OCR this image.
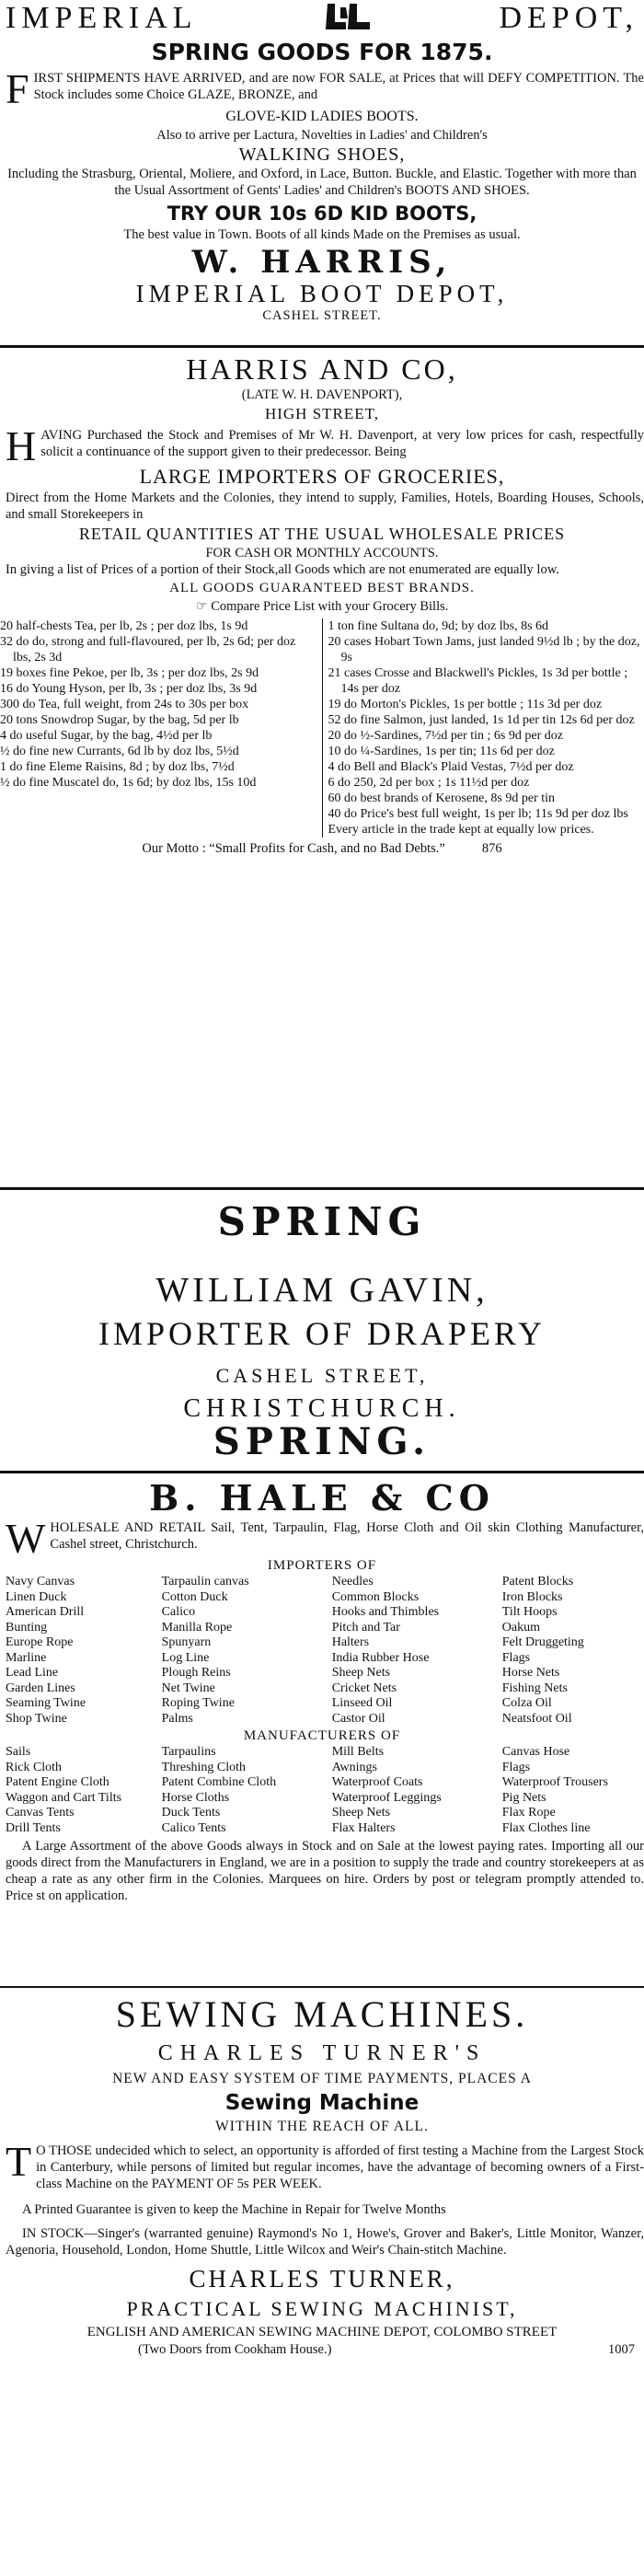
IMPERIAL	DEPOT,
SPRING GOODS FOR 1875.
F IRST SHIPMENTS HAVE ARRIVED, and are now FOR SALE, at Prices that will DEFY COMPETITION. The Stock includes some Choice GLAZE, BRONZE, and
GLOVE-KID LADIES BOOTS.
Also to arrive per Lactura, Novelties in Ladies' and Children's
WALKING SHOES,
Including the Strasburg, Oriental, Moliere, and Oxford, in Lace, Button. Buckle, and Elastic. Together with more than the Usual Assortment of Gents' Ladies' and Children's BOOTS AND SHOES.
TRY OUR 10s 6D KID BOOTS,
The best value in Town. Boots of all kinds Made on the Premises as usual.
W. HARRIS,
IMPERIAL BOOT DEPOT,
CASHEL STREET.
HARRIS AND CO,
(LATE W. H. DAVENPORT),
HIGH STREET,
H AVING Purchased the Stock and Premises of Mr W. H. Davenport, at very low prices for cash, respectfully solicit a continuance of the support given to their predecessor. Being
LARGE IMPORTERS OF GROCERIES,
Direct from the Home Markets and the Colonies, they intend to supply, Families, Hotels, Boarding Houses, Schools, and small Storekeepers in
RETAIL QUANTITIES AT THE USUAL WHOLESALE PRICES
FOR CASH OR MONTHLY ACCOUNTS.
In giving a list of Prices of a portion of their Stock,all Goods which are not enumerated are equally low.
ALL GOODS GUARANTEED BEST BRANDS.
☞ Compare Price List with your Grocery Bills.
20 half-chests Tea, per lb, 2s ; per doz lbs, 1s 9d
32 do do, strong and full-flavoured, per lb, 2s 6d; per doz lbs, 2s 3d
19 boxes fine Pekoe, per lb, 3s ; per doz lbs, 2s 9d
16 do Young Hyson, per lb, 3s ; per doz lbs, 3s 9d
300 do Tea, full weight, from 24s to 30s per box
20 tons Snowdrop Sugar, by the bag, 5d per lb
4 do useful Sugar, by the bag, 4½d per lb
½ do fine new Currants, 6d lb by doz lbs, 5½d
1 do fine Eleme Raisins, 8d ; by doz lbs, 7½d
½ do fine Muscatel do, 1s 6d; by doz lbs, 15s 10d
1 ton fine Sultana do, 9d; by doz lbs, 8s 6d
20 cases Hobart Town Jams, just landed 9½d lb ; by the doz, 9s
21 cases Crosse and Blackwell's Pickles, 1s 3d per bottle ; 14s per doz
19 do Morton's Pickles, 1s per bottle ; 11s 3d per doz
52 do fine Salmon, just landed, 1s 1d per tin 12s 6d per doz
20 do ½-Sardines, 7½d per tin ; 6s 9d per doz
10 do ¼-Sardines, 1s per tin; 11s 6d per doz
4 do Bell and Black's Plaid Vestas, 7½d per doz
6 do 250, 2d per box ; 1s 11½d per doz
60 do best brands of Kerosene, 8s 9d per tin
40 do Price's best full weight, 1s per lb; 11s 9d per doz lbs
Every article in the trade kept at equally low prices.
Our Motto : “Small Profits for Cash, and no Bad Debts.”	876
SPRING
WILLIAM GAVIN,
IMPORTER OF DRAPERY
CASHEL STREET,
CHRISTCHURCH.
SPRING.
B. HALE & CO
W HOLESALE AND RETAIL Sail, Tent, Tarpaulin, Flag, Horse Cloth and Oil skin Clothing Manufacturer, Cashel street, Christchurch.
IMPORTERS OF
Navy Canvas	Tarpaulin canvas	Needles	Patent Blocks
Linen Duck	Cotton Duck	Common Blocks	Iron Blocks
American Drill	Calico	Hooks and Thimbles	Tilt Hoops
Bunting	Manilla Rope	Pitch and Tar	Oakum
Europe Rope	Spunyarn	Halters	Felt Druggeting
Marline	Log Line	India Rubber Hose	Flags
Lead Line	Plough Reins	Sheep Nets	Horse Nets
Garden Lines	Net Twine	Cricket Nets	Fishing Nets
Seaming Twine	Roping Twine	Linseed Oil	Colza Oil
Shop Twine	Palms	Castor Oil	Neatsfoot Oil
MANUFACTURERS OF
Sails	Tarpaulins	Mill Belts	Canvas Hose
Rick Cloth	Threshing Cloth	Awnings	Flags
Patent Engine Cloth	Patent Combine Cloth	Waterproof Coats	Waterproof Trousers
Waggon and Cart Tilts	Horse Cloths	Waterproof Leggings	Pig Nets
Canvas Tents	Duck Tents	Sheep Nets	Flax Rope
Drill Tents	Calico Tents	Flax Halters	Flax Clothes line
A Large Assortment of the above Goods always in Stock and on Sale at the lowest paying rates. Importing all our goods direct from the Manufacturers in England, we are in a position to supply the trade and country storekeepers at as cheap a rate as any other firm in the Colonies. Marquees on hire. Orders by post or telegram promptly attended to. Price st on application.
SEWING MACHINES.
CHARLES TURNER'S
NEW AND EASY SYSTEM OF TIME PAYMENTS, PLACES A
Sewing Machine
WITHIN THE REACH OF ALL.
T O THOSE undecided which to select, an opportunity is afforded of first testing a Machine from the Largest Stock in Canterbury, while persons of limited but regular incomes, have the advantage of becoming owners of a First-class Machine on the PAYMENT OF 5s PER WEEK.
A Printed Guarantee is given to keep the Machine in Repair for Twelve Months
IN STOCK—Singer's (warranted genuine) Raymond's No 1, Howe's, Grover and Baker's, Little Monitor, Wanzer, Agenoria, Household, London, Home Shuttle, Little Wilcox and Weir's Chain-stitch Machine.
CHARLES TURNER,
PRACTICAL SEWING MACHINIST,
ENGLISH AND AMERICAN SEWING MACHINE DEPOT, COLOMBO STREET
(Two Doors from Cookham House.)	1007
